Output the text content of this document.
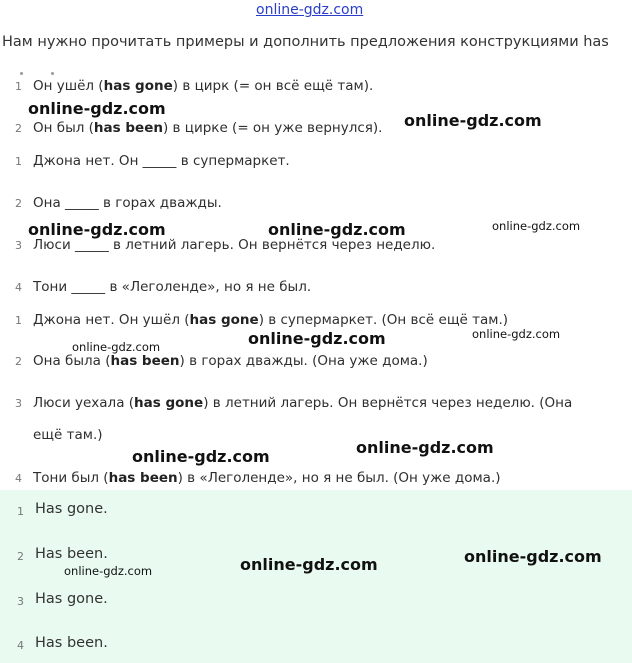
online-gdz.com
Нам нужно прочитать примеры и дополнить предложения конструкциями has
1 Он ушёл (has gone) в цирк (= он всё ещё там).
2 Он был (has been) в цирке (= он уже вернулся).
1 Джона нет. Он _____ в супермаркет.
2 Она _____ в горах дважды.
3 Люси _____ в летний лагерь. Он вернётся через неделю.
4 Тони _____ в «Леголенде», но я не был.
1 Джона нет. Он ушёл (has gone) в супермаркет. (Он всё ещё там.)
2 Она была (has been) в горах дважды. (Она уже дома.)
3 Люси уехала (has gone) в летний лагерь. Он вернётся через неделю. (Она
ещё там.)
4 Тони был (has been) в «Леголенде», но я не был. (Он уже дома.)
1 Has gone.
2 Has been.
3 Has gone.
4 Has been.
online-gdz.com
online-gdz.com
online-gdz.com	online-gdz.com	online-gdz.com
online-gdz.com
online-gdz.com	online-gdz.com
online-gdz.com
online-gdz.com
online-gdz.com
online-gdz.com
online-gdz.com
